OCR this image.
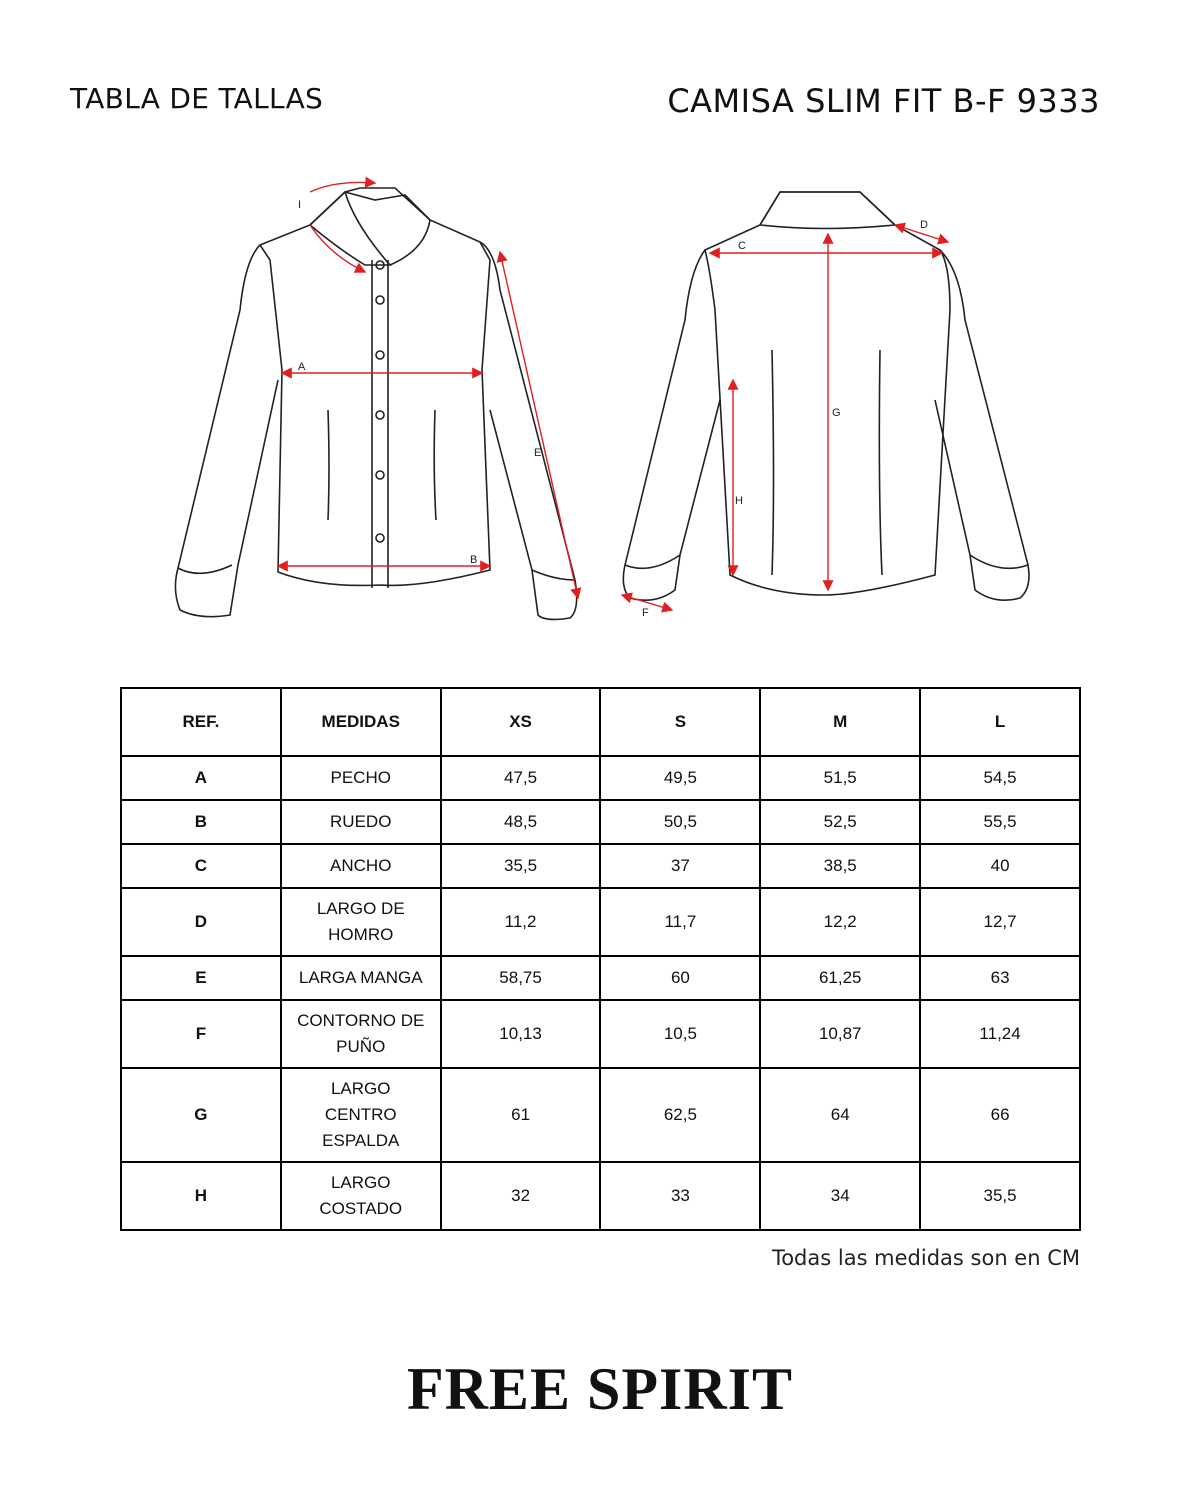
TABLA DE TALLAS	CAMISA SLIM FIT B-F 9333
A
B
C
D
E
F
G
H
I
REF.	MEDIDAS	XS	S	M	L
A	PECHO	47,5	49,5	51,5	54,5
B	RUEDO	48,5	50,5	52,5	55,5
C	ANCHO	35,5	37	38,5	40
D	LARGO DE HOMRO	11,2	11,7	12,2	12,7
E	LARGA MANGA	58,75	60	61,25	63
F	CONTORNO DE PUÑO	10,13	10,5	10,87	11,24
G	LARGO CENTRO ESPALDA	61	62,5	64	66
H	LARGO COSTADO	32	33	34	35,5
Todas las medidas son en CM
FREE SPIRIT
